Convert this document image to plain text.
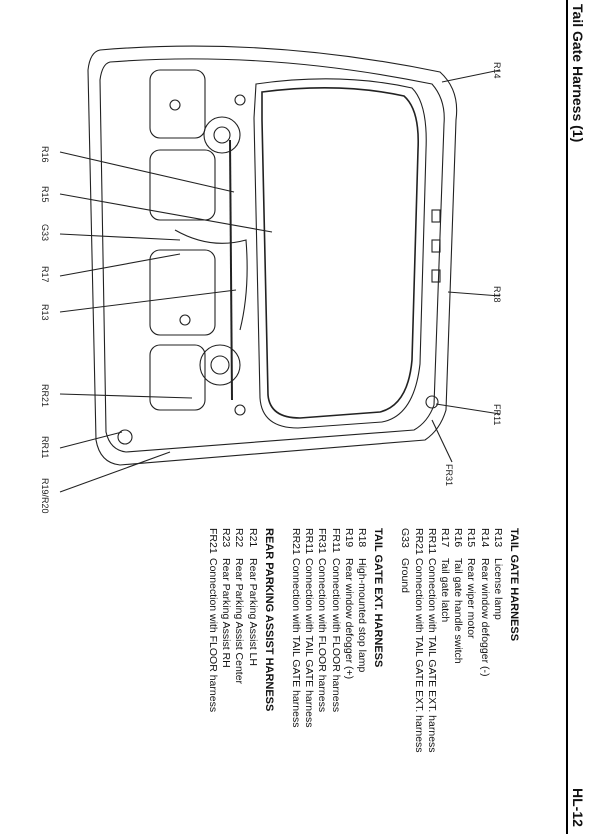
Tail Gate Harness (1)
HL-12
R16
R15
G33
R17
R13
RR21
RR11
R19/R20
R14
R18
FR11
FR31
TAIL GATE HARNESS
R13
License lamp
R14
Rear window defogger (-)
R15
Rear wiper motor
R16
Tail gate handle switch
R17
Tail gate latch
RR11
Connection with TAIL GATE EXT. harness
RR21
Connection with TAIL GATE EXT. harness
G33
Ground
TAIL GATE EXT. HARNESS
R18
High-mounted stop lamp
R19
Rear window defogger (+)
FR11
Connection with FLOOR harness
FR31
Connection with FLOOR harness
RR11
Connection with TAIL GATE harness
RR21
Connection with TAIL GATE harness
REAR PARKING ASSIST HARNESS
R21
Rear Parking Assist LH
R22
Rear Parking Assist Center
R23
Rear Parking Assist RH
FR21
Connection with FLOOR harness
